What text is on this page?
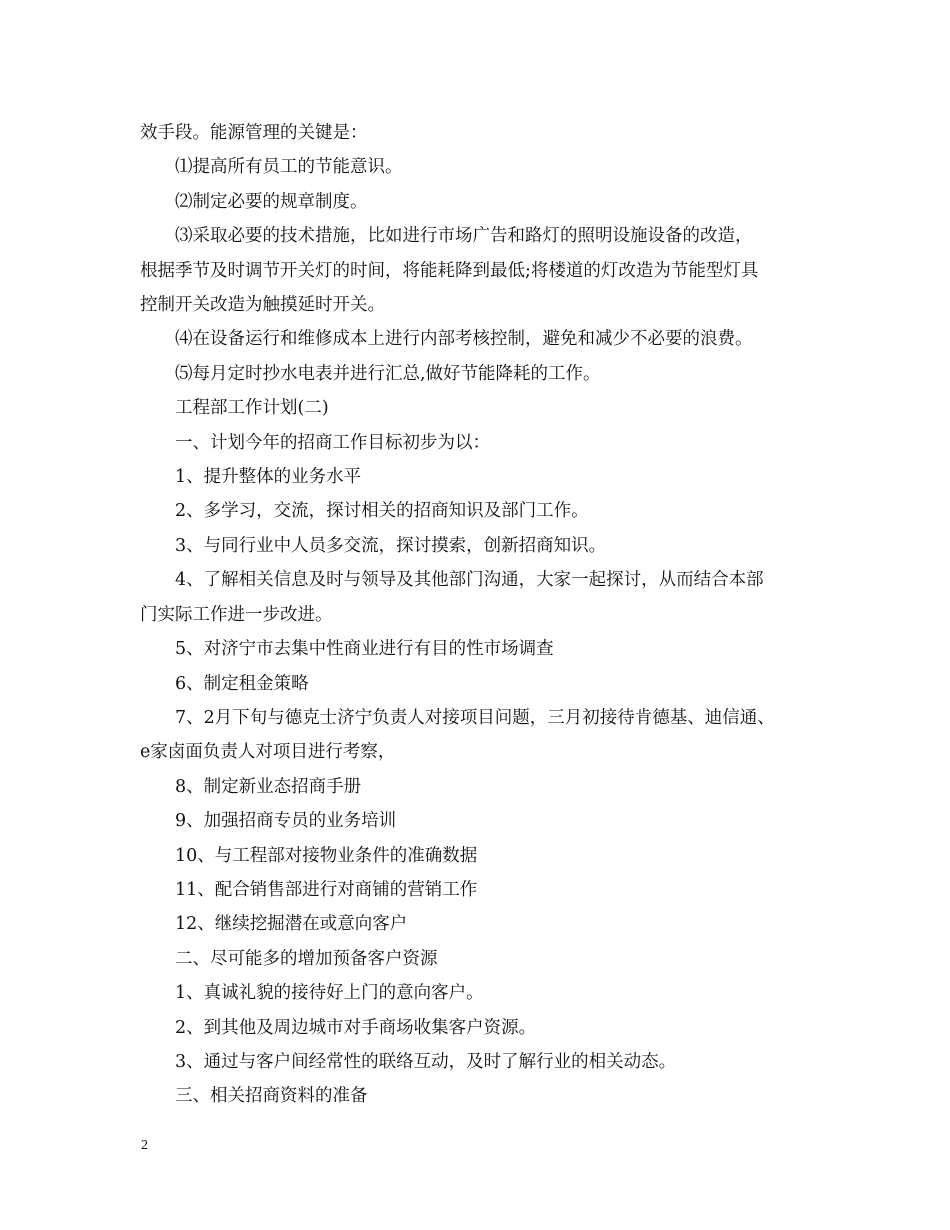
效手段。能源管理的关键是：

⑴提高所有员工的节能意识。

⑵制定必要的规章制度。

⑶采取必要的技术措施，比如进行市场广告和路灯的照明设施设备的改造，

根据季节及时调节开关灯的时间，将能耗降到最低;将楼道的灯改造为节能型灯具

控制开关改造为触摸延时开关。

⑷在设备运行和维修成本上进行内部考核控制，避免和减少不必要的浪费。

⑸每月定时抄水电表并进行汇总,做好节能降耗的工作。

工程部工作计划(二)

一、计划今年的招商工作目标初步为以：

1、提升整体的业务水平

2、多学习，交流，探讨相关的招商知识及部门工作。

3、与同行业中人员多交流，探讨摸索，创新招商知识。

4、了解相关信息及时与领导及其他部门沟通，大家一起探讨，从而结合本部

门实际工作进一步改进。

5、对济宁市去集中性商业进行有目的性市场调查

6、制定租金策略

7、2月下旬与德克士济宁负责人对接项目问题，三月初接待肯德基、迪信通、

e家卤面负责人对项目进行考察，

8、制定新业态招商手册

9、加强招商专员的业务培训

10、与工程部对接物业条件的准确数据

11、配合销售部进行对商铺的营销工作

12、继续挖掘潜在或意向客户

二、尽可能多的增加预备客户资源

1、真诚礼貌的接待好上门的意向客户。

2、到其他及周边城市对手商场收集客户资源。

3、通过与客户间经常性的联络互动，及时了解行业的相关动态。

三、相关招商资料的准备

2
